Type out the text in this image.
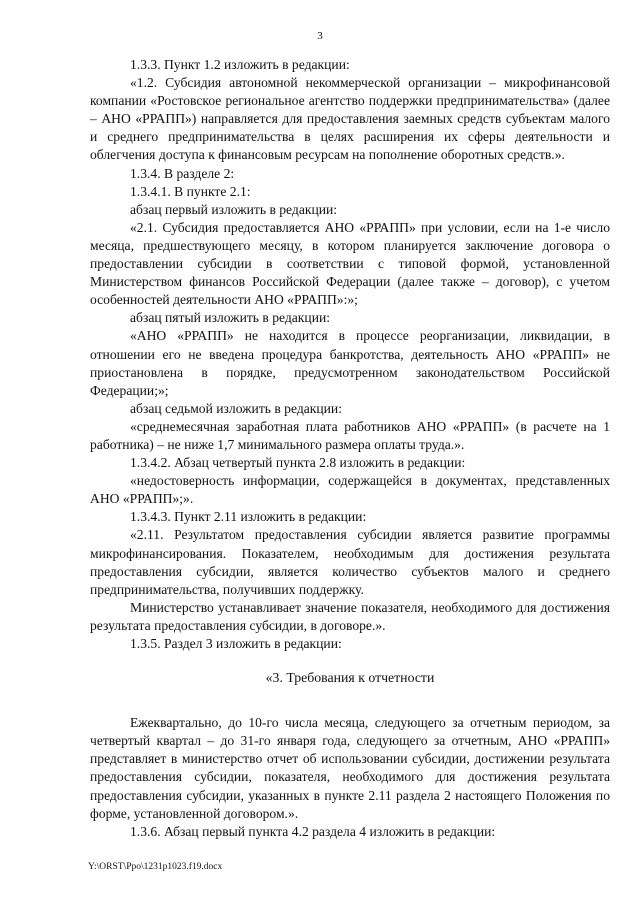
3

1.3.3. Пункт 1.2 изложить в редакции:

«1.2. Субсидия автономной некоммерческой организации – микрофинансовой компании «Ростовское региональное агентство поддержки предпринимательства» (далее – АНО «РРАПП») направляется для предоставления заемных средств субъектам малого и среднего предпринимательства в целях расширения их сферы деятельности и облегчения доступа к финансовым ресурсам на пополнение оборотных средств.».

1.3.4. В разделе 2:

1.3.4.1. В пункте 2.1:

абзац первый изложить в редакции:

«2.1. Субсидия предоставляется АНО «РРАПП» при условии, если на 1-е число месяца, предшествующего месяцу, в котором планируется заключение договора о предоставлении субсидии в соответствии с типовой формой, установленной Министерством финансов Российской Федерации (далее также – договор), с учетом особенностей деятельности АНО «РРАПП»:»;

абзац пятый изложить в редакции:

«АНО «РРАПП» не находится в процессе реорганизации, ликвидации, в отношении его не введена процедура банкротства, деятельность АНО «РРАПП» не приостановлена в порядке, предусмотренном законодательством Российской Федерации;»;

абзац седьмой изложить в редакции:

«среднемесячная заработная плата работников АНО «РРАПП» (в расчете на 1 работника) – не ниже 1,7 минимального размера оплаты труда.».

1.3.4.2. Абзац четвертый пункта 2.8 изложить в редакции:

«недостоверность информации, содержащейся в документах, представленных АНО «РРАПП»;».

1.3.4.3. Пункт 2.11 изложить в редакции:

«2.11. Результатом предоставления субсидии является развитие программы микрофинансирования. Показателем, необходимым для достижения результата предоставления субсидии, является количество субъектов малого и среднего предпринимательства, получивших поддержку.

Министерство устанавливает значение показателя, необходимого для достижения результата предоставления субсидии, в договоре.».

1.3.5. Раздел 3 изложить в редакции:

«3. Требования к отчетности

Ежеквартально, до 10-го числа месяца, следующего за отчетным периодом, за четвертый квартал – до 31-го января года, следующего за отчетным, АНО «РРАПП» представляет в министерство отчет об использовании субсидии, достижении результата предоставления субсидии, показателя, необходимого для достижения результата предоставления субсидии, указанных в пункте 2.11 раздела 2 настоящего Положения по форме, установленной договором.».

1.3.6. Абзац первый пункта 4.2 раздела 4 изложить в редакции:

Y:\ORST\Ppo\1231p1023.f19.docx
